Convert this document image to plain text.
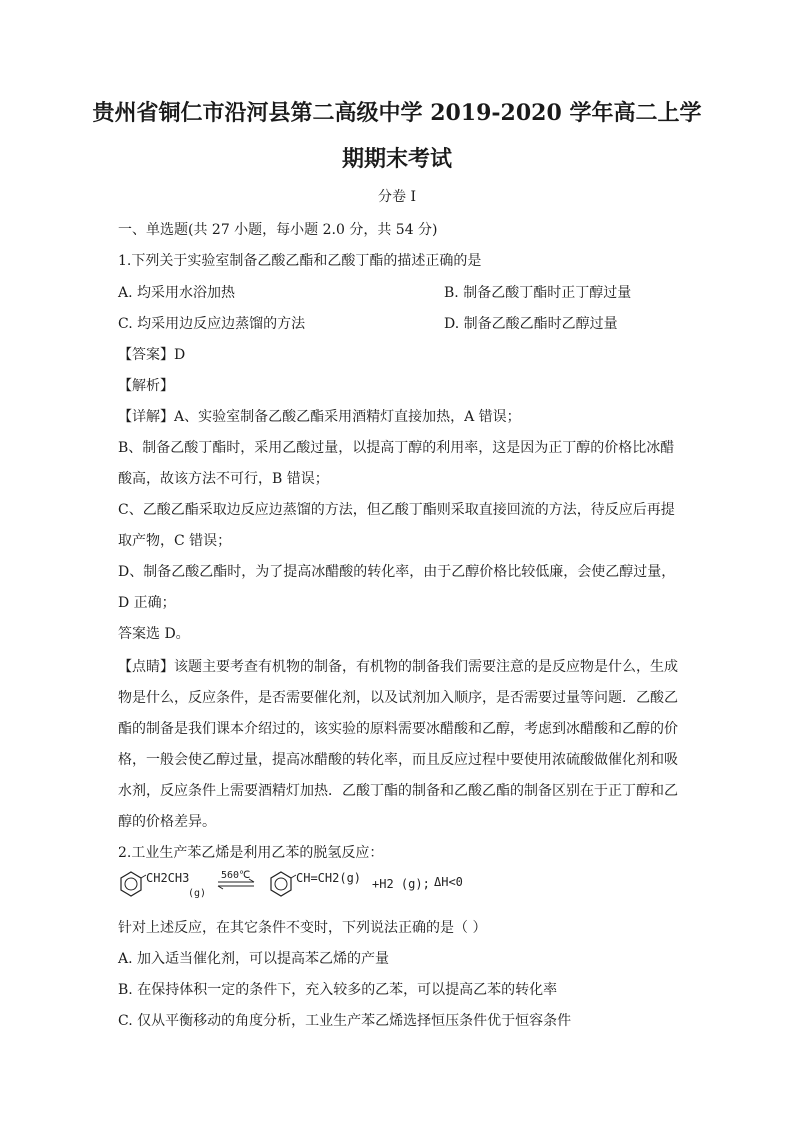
贵州省铜仁市沿河县第二高级中学 2019-2020 学年高二上学
期期末考试
分卷 I
一、单选题(共 27 小题，每小题 2.0 分，共 54 分)
1.下列关于实验室制备乙酸乙酯和乙酸丁酯的描述正确的是
A. 均采用水浴加热	B. 制备乙酸丁酯时正丁醇过量
C. 均采用边反应边蒸馏的方法	D. 制备乙酸乙酯时乙醇过量
【答案】D
【解析】
【详解】A、实验室制备乙酸乙酯采用酒精灯直接加热，A 错误；
B、制备乙酸丁酯时，采用乙酸过量，以提高丁醇的利用率，这是因为正丁醇的价格比冰醋
酸高，故该方法不可行，B 错误；
C、乙酸乙酯采取边反应边蒸馏的方法，但乙酸丁酯则采取直接回流的方法，待反应后再提
取产物，C 错误；
D、制备乙酸乙酯时，为了提高冰醋酸的转化率，由于乙醇价格比较低廉，会使乙醇过量，
D 正确；
答案选 D。
【点睛】该题主要考查有机物的制备，有机物的制备我们需要注意的是反应物是什么，生成
物是什么，反应条件，是否需要催化剂，以及试剂加入顺序，是否需要过量等问题．乙酸乙
酯的制备是我们课本介绍过的，该实验的原料需要冰醋酸和乙醇，考虑到冰醋酸和乙醇的价
格，一般会使乙醇过量，提高冰醋酸的转化率，而且反应过程中要使用浓硫酸做催化剂和吸
水剂，反应条件上需要酒精灯加热．乙酸丁酯的制备和乙酸乙酯的制备区别在于正丁醇和乙
醇的价格差异。
2.工业生产苯乙烯是利用乙苯的脱氢反应：
CH2CH3
(g)
560℃	CH=CH2(g) +H2 (g); ΔH<0
针对上述反应，在其它条件不变时，下列说法正确的是（ ）
A. 加入适当催化剂，可以提高苯乙烯的产量
B. 在保持体积一定的条件下，充入较多的乙苯，可以提高乙苯的转化率
C. 仅从平衡移动的角度分析，工业生产苯乙烯选择恒压条件优于恒容条件
